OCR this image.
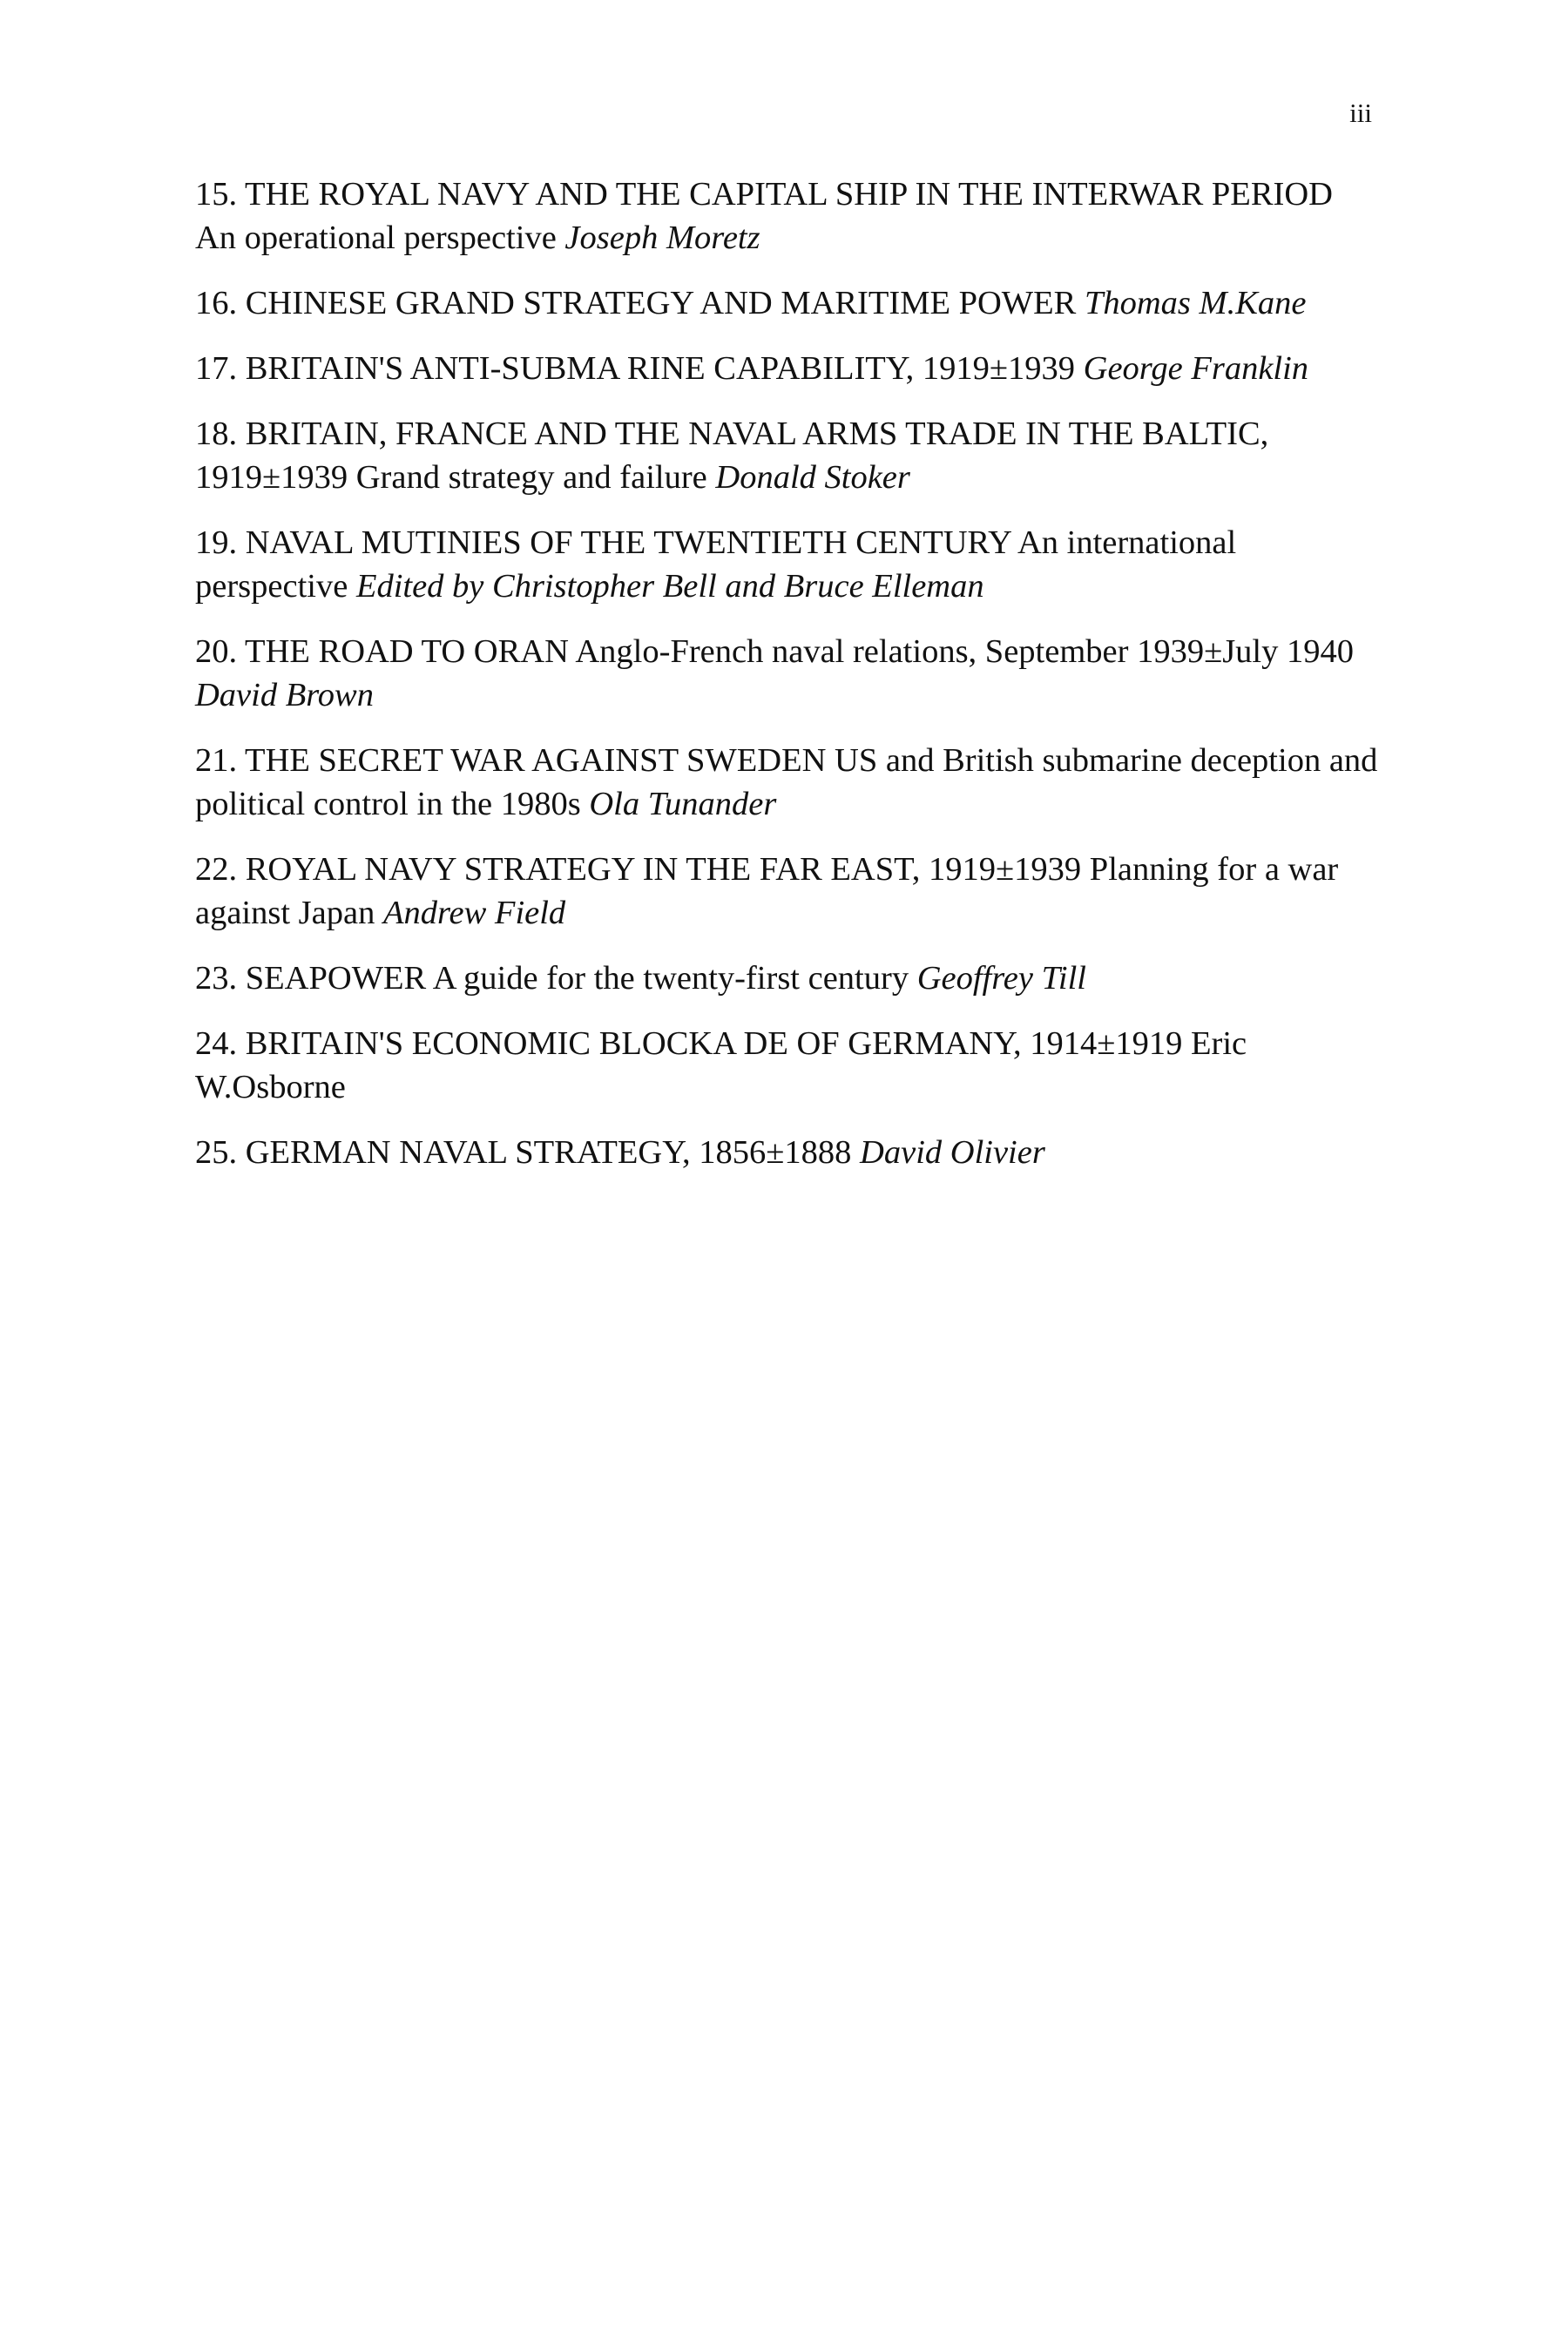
iii
15. THE ROYAL NAVY AND THE CAPITAL SHIP IN THE INTERWAR PERIOD An operational perspective Joseph Moretz
16. CHINESE GRAND STRATEGY AND MARITIME POWER Thomas M.Kane
17. BRITAIN'S ANTI-SUBMA RINE CAPABILITY, 1919±1939 George Franklin
18. BRITAIN, FRANCE AND THE NAVAL ARMS TRADE IN THE BALTIC, 1919±1939 Grand strategy and failure Donald Stoker
19. NAVAL MUTINIES OF THE TWENTIETH CENTURY An international perspective Edited by Christopher Bell and Bruce Elleman
20. THE ROAD TO ORAN Anglo-French naval relations, September 1939±July 1940 David Brown
21. THE SECRET WAR AGAINST SWEDEN US and British submarine deception and political control in the 1980s Ola Tunander
22. ROYAL NAVY STRATEGY IN THE FAR EAST, 1919±1939 Planning for a war against Japan Andrew Field
23. SEAPOWER A guide for the twenty-first century Geoffrey Till
24. BRITAIN'S ECONOMIC BLOCKA DE OF GERMANY, 1914±1919 Eric W.Osborne
25. GERMAN NAVAL STRATEGY, 1856±1888 David Olivier
